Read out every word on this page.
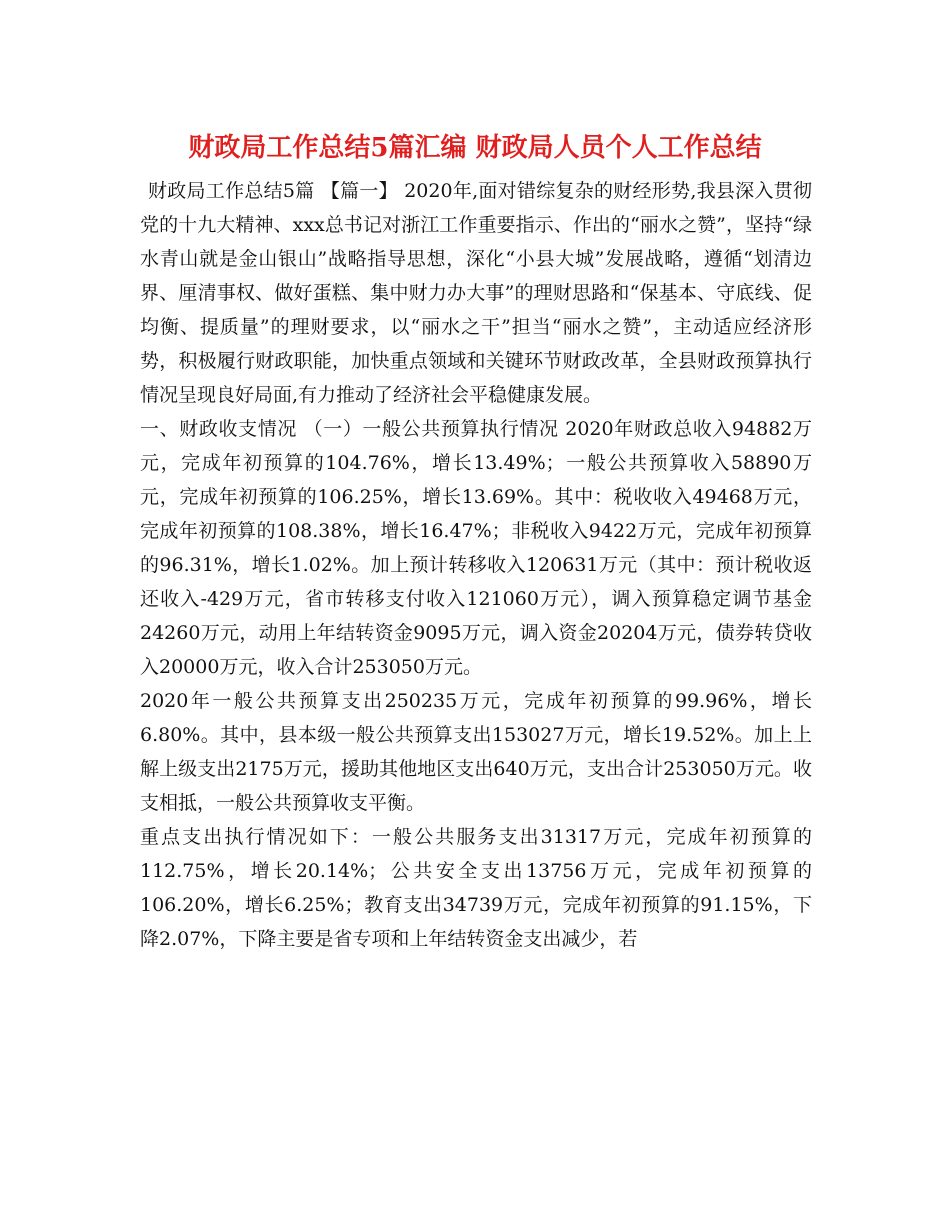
财政局工作总结5篇汇编 财政局人员个人工作总结

财政局工作总结5篇 【篇一】 2020年,面对错综复杂的财经形势,我县深入贯彻党的十九大精神、xxx总书记对浙江工作重要指示、作出的“丽水之赞”，坚持“绿水青山就是金山银山”战略指导思想，深化“小县大城”发展战略，遵循“划清边界、厘清事权、做好蛋糕、集中财力办大事”的理财思路和“保基本、守底线、促均衡、提质量”的理财要求，以“丽水之干”担当“丽水之赞”，主动适应经济形势，积极履行财政职能，加快重点领域和关键环节财政改革，全县财政预算执行情况呈现良好局面,有力推动了经济社会平稳健康发展。

一、财政收支情况 （一）一般公共预算执行情况 2020年财政总收入94882万元，完成年初预算的104.76%，增长13.49%；一般公共预算收入58890万元，完成年初预算的106.25%，增长13.69%。其中：税收收入49468万元，完成年初预算的108.38%，增长16.47%；非税收入9422万元，完成年初预算的96.31%，增长1.02%。加上预计转移收入120631万元（其中：预计税收返还收入-429万元，省市转移支付收入121060万元），调入预算稳定调节基金24260万元，动用上年结转资金9095万元，调入资金20204万元，债券转贷收入20000万元，收入合计253050万元。

2020年一般公共预算支出250235万元，完成年初预算的99.96%，增长6.80%。其中，县本级一般公共预算支出153027万元，增长19.52%。加上上解上级支出2175万元，援助其他地区支出640万元，支出合计253050万元。收支相抵，一般公共预算收支平衡。

重点支出执行情况如下：一般公共服务支出31317万元，完成年初预算的112.75%，增长20.14%；公共安全支出13756万元，完成年初预算的106.20%，增长6.25%；教育支出34739万元，完成年初预算的91.15%，下降2.07%，下降主要是省专项和上年结转资金支出减少，若
